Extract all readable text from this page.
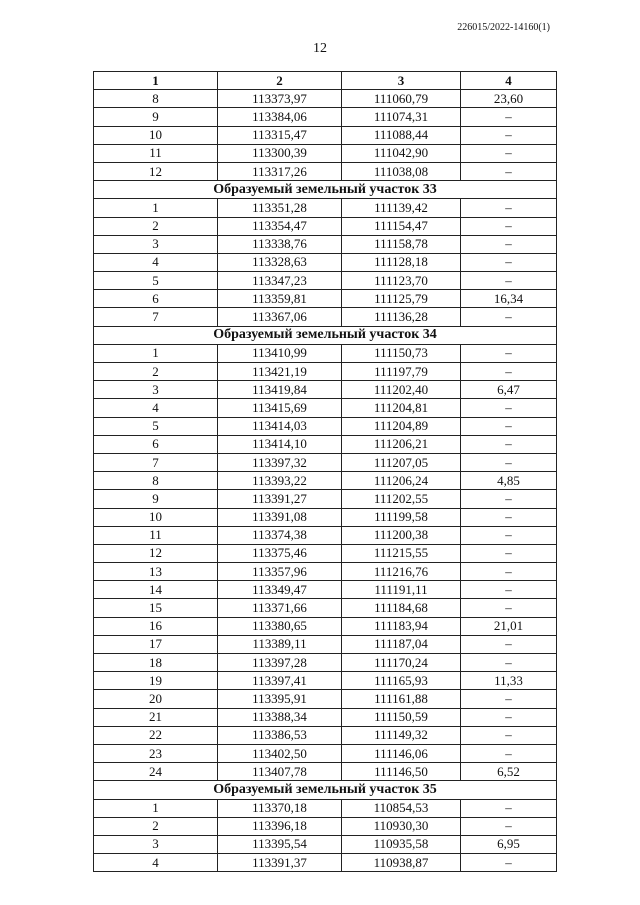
226015/2022-14160(1)
12
1	2	3	4
8	113373,97	111060,79	23,60
9	113384,06	111074,31	–
10	113315,47	111088,44	–
11	113300,39	111042,90	–
12	113317,26	111038,08	–
Образуемый земельный участок 33			
1	113351,28	111139,42	–
2	113354,47	111154,47	–
3	113338,76	111158,78	–
4	113328,63	111128,18	–
5	113347,23	111123,70	–
6	113359,81	111125,79	16,34
7	113367,06	111136,28	–
Образуемый земельный участок 34			
1	113410,99	111150,73	–
2	113421,19	111197,79	–
3	113419,84	111202,40	6,47
4	113415,69	111204,81	–
5	113414,03	111204,89	–
6	113414,10	111206,21	–
7	113397,32	111207,05	–
8	113393,22	111206,24	4,85
9	113391,27	111202,55	–
10	113391,08	111199,58	–
11	113374,38	111200,38	–
12	113375,46	111215,55	–
13	113357,96	111216,76	–
14	113349,47	111191,11	–
15	113371,66	111184,68	–
16	113380,65	111183,94	21,01
17	113389,11	111187,04	–
18	113397,28	111170,24	–
19	113397,41	111165,93	11,33
20	113395,91	111161,88	–
21	113388,34	111150,59	–
22	113386,53	111149,32	–
23	113402,50	111146,06	–
24	113407,78	111146,50	6,52
Образуемый земельный участок 35			
1	113370,18	110854,53	–
2	113396,18	110930,30	–
3	113395,54	110935,58	6,95
4	113391,37	110938,87	–
